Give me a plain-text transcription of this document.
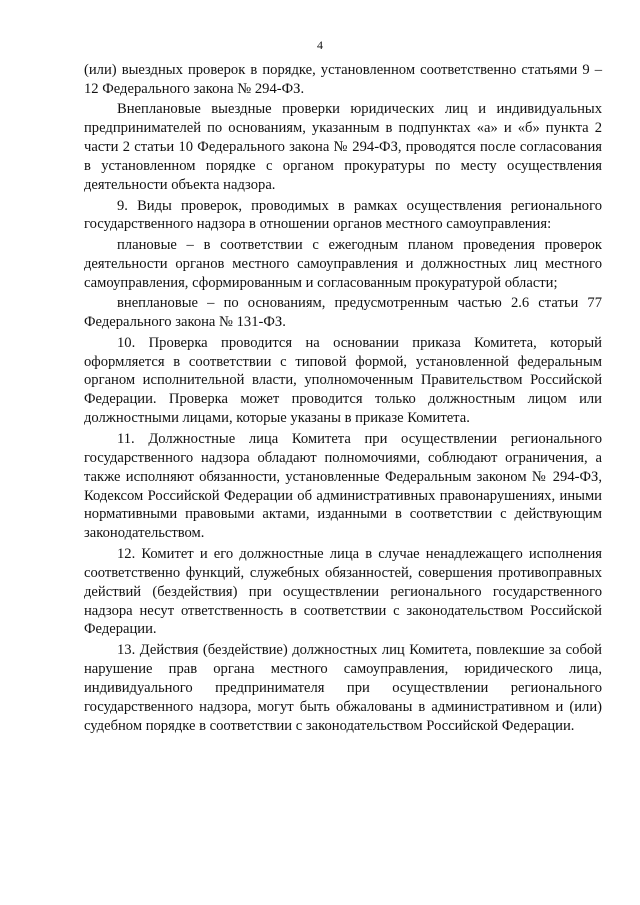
4

(или) выездных проверок в порядке, установленном соответственно статьями 9 – 12 Федерального закона № 294-ФЗ.

Внеплановые выездные проверки юридических лиц и индивидуальных предпринимателей по основаниям, указанным в подпунктах «а» и «б» пункта 2 части 2 статьи 10 Федерального закона № 294-ФЗ, проводятся после согласования в установленном порядке с органом прокуратуры по месту осуществления деятельности объекта надзора.

9. Виды проверок, проводимых в рамках осуществления регионального государственного надзора в отношении органов местного самоуправления:

плановые – в соответствии с ежегодным планом проведения проверок деятельности органов местного самоуправления и должностных лиц местного самоуправления, сформированным и согласованным прокуратурой области;

внеплановые – по основаниям, предусмотренным частью 2.6 статьи 77 Федерального закона № 131-ФЗ.

10. Проверка проводится на основании приказа Комитета, который оформляется в соответствии с типовой формой, установленной федеральным органом исполнительной власти, уполномоченным Правительством Российской Федерации. Проверка может проводится только должностным лицом или должностными лицами, которые указаны в приказе Комитета.

11. Должностные лица Комитета при осуществлении регионального государственного надзора обладают полномочиями, соблюдают ограничения, а также исполняют обязанности, установленные Федеральным законом № 294-ФЗ, Кодексом Российской Федерации об административных правонарушениях, иными нормативными правовыми актами, изданными в соответствии с действующим законодательством.

12. Комитет и его должностные лица в случае ненадлежащего исполнения соответственно функций, служебных обязанностей, совершения противоправных действий (бездействия) при осуществлении регионального государственного надзора несут ответственность в соответствии с законодательством Российской Федерации.

13. Действия (бездействие) должностных лиц Комитета, повлекшие за собой нарушение прав органа местного самоуправления, юридического лица, индивидуального предпринимателя при осуществлении регионального государственного надзора, могут быть обжалованы в административном и (или) судебном порядке в соответствии с законодательством Российской Федерации.
